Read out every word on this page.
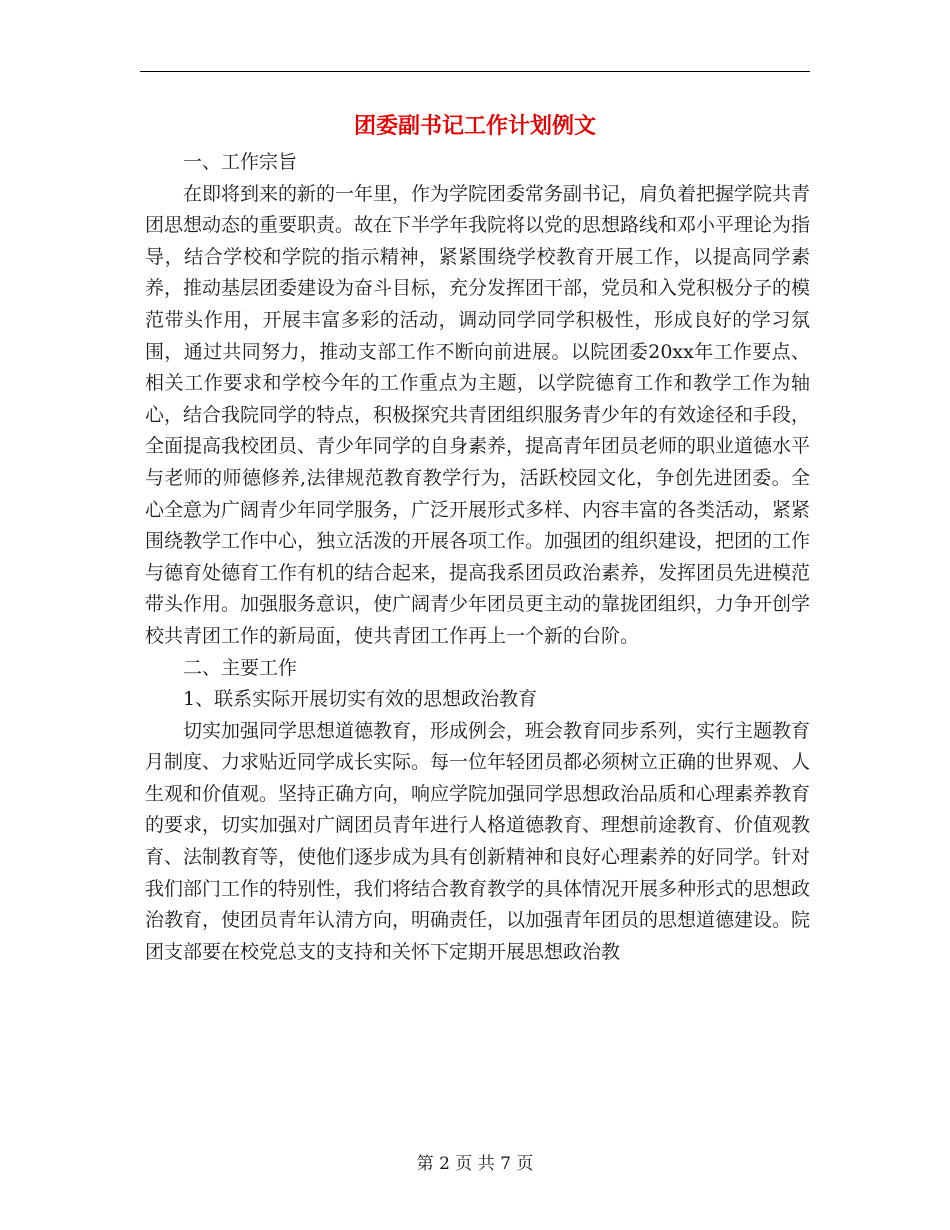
团委副书记工作计划例文

一、工作宗旨

在即将到来的新的一年里，作为学院团委常务副书记，肩负着把握学院共青团思想动态的重要职责。故在下半学年我院将以党的思想路线和邓小平理论为指导，结合学校和学院的指示精神，紧紧围绕学校教育开展工作，以提高同学素养，推动基层团委建设为奋斗目标，充分发挥团干部，党员和入党积极分子的模范带头作用，开展丰富多彩的活动，调动同学同学积极性，形成良好的学习氛围，通过共同努力，推动支部工作不断向前进展。以院团委20xx年工作要点、相关工作要求和学校今年的工作重点为主题，以学院德育工作和教学工作为轴心，结合我院同学的特点，积极探究共青团组织服务青少年的有效途径和手段，全面提高我校团员、青少年同学的自身素养，提高青年团员老师的职业道德水平与老师的师德修养,法律规范教育教学行为，活跃校园文化，争创先进团委。全心全意为广阔青少年同学服务，广泛开展形式多样、内容丰富的各类活动，紧紧围绕教学工作中心，独立活泼的开展各项工作。加强团的组织建设，把团的工作与德育处德育工作有机的结合起来，提高我系团员政治素养，发挥团员先进模范带头作用。加强服务意识，使广阔青少年团员更主动的靠拢团组织，力争开创学校共青团工作的新局面，使共青团工作再上一个新的台阶。

二、主要工作

1、联系实际开展切实有效的思想政治教育

切实加强同学思想道德教育，形成例会，班会教育同步系列，实行主题教育月制度、力求贴近同学成长实际。每一位年轻团员都必须树立正确的世界观、人生观和价值观。坚持正确方向，响应学院加强同学思想政治品质和心理素养教育的要求，切实加强对广阔团员青年进行人格道德教育、理想前途教育、价值观教育、法制教育等，使他们逐步成为具有创新精神和良好心理素养的好同学。针对我们部门工作的特别性，我们将结合教育教学的具体情况开展多种形式的思想政治教育，使团员青年认清方向，明确责任，以加强青年团员的思想道德建设。院团支部要在校党总支的支持和关怀下定期开展思想政治教

第 2 页 共 7 页
